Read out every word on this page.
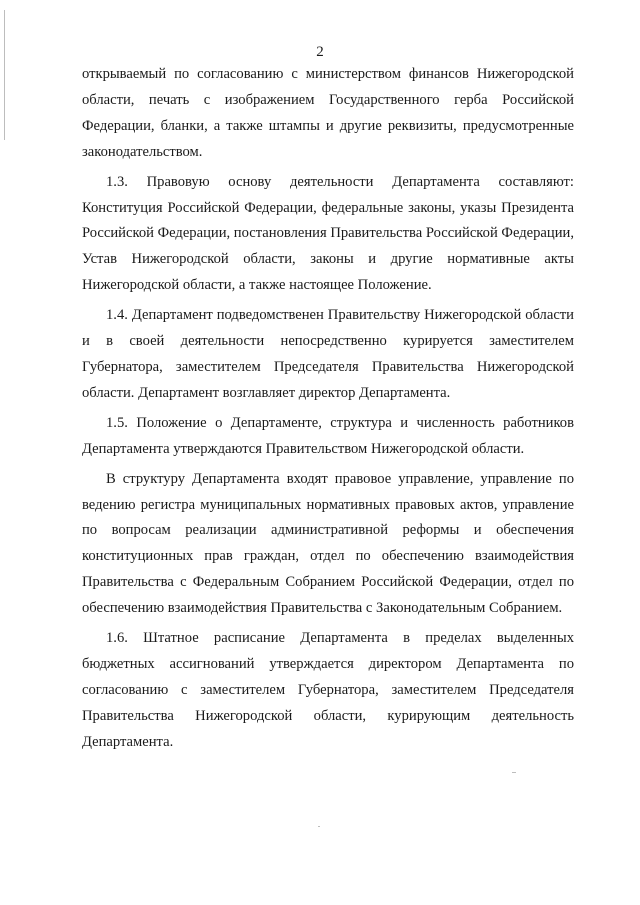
2

открываемый по согласованию с министерством финансов Нижегородской области, печать с изображением Государственного герба Российской Федерации, бланки, а также штампы и другие реквизиты, предусмотренные законодательством.

1.3. Правовую основу деятельности Департамента составляют: Конституция Российской Федерации, федеральные законы, указы Президента Российской Федерации, постановления Правительства Российской Федерации, Устав Нижегородской области, законы и другие нормативные акты Нижегородской области, а также настоящее Положение.

1.4. Департамент подведомственен Правительству Нижегородской области и в своей деятельности непосредственно курируется заместителем Губернатора, заместителем Председателя Правительства Нижегородской области. Департамент возглавляет директор Департамента.

1.5. Положение о Департаменте, структура и численность работников Департамента утверждаются Правительством Нижегородской области.

В структуру Департамента входят правовое управление, управление по ведению регистра муниципальных нормативных правовых актов, управление по вопросам реализации административной реформы и обеспечения конституционных прав граждан, отдел по обеспечению взаимодействия Правительства с Федеральным Собранием Российской Федерации, отдел по обеспечению взаимодействия Правительства с Законодательным Собранием.

1.6. Штатное расписание Департамента в пределах выделенных бюджетных ассигнований утверждается директором Департамента по согласованию с заместителем Губернатора, заместителем Председателя Правительства Нижегородской области, курирующим деятельность Департамента.
